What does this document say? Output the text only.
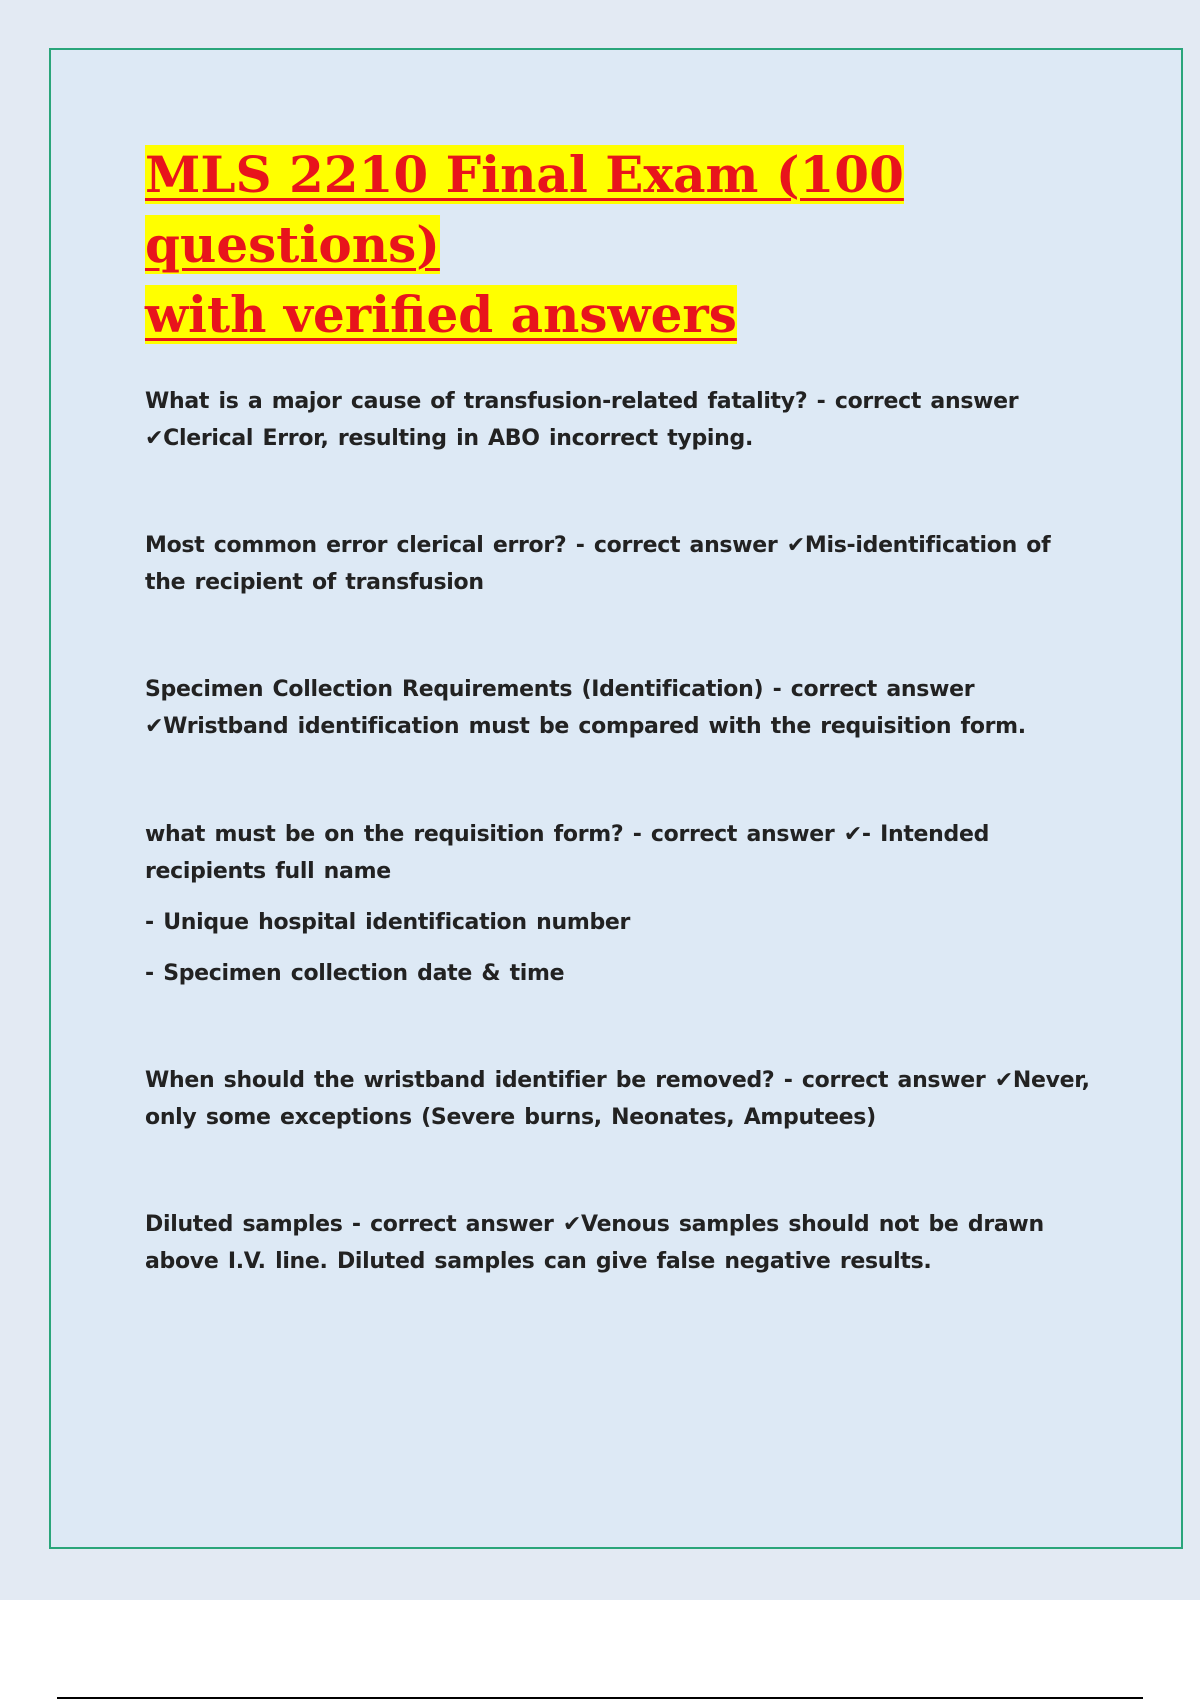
MLS 2210 Final Exam (100 questions)
with verified answers

What is a major cause of transfusion-related fatality? - correct answer ✔Clerical Error, resulting in ABO incorrect typing.

Most common error clerical error? - correct answer ✔Mis-identification of the recipient of transfusion

Specimen Collection Requirements (Identification) - correct answer ✔Wristband identification must be compared with the requisition form.

what must be on the requisition form? - correct answer ✔- Intended recipients full name

- Unique hospital identification number

- Specimen collection date & time

When should the wristband identifier be removed? - correct answer ✔Never, only some exceptions (Severe burns, Neonates, Amputees)

Diluted samples - correct answer ✔Venous samples should not be drawn above I.V. line. Diluted samples can give false negative results.
